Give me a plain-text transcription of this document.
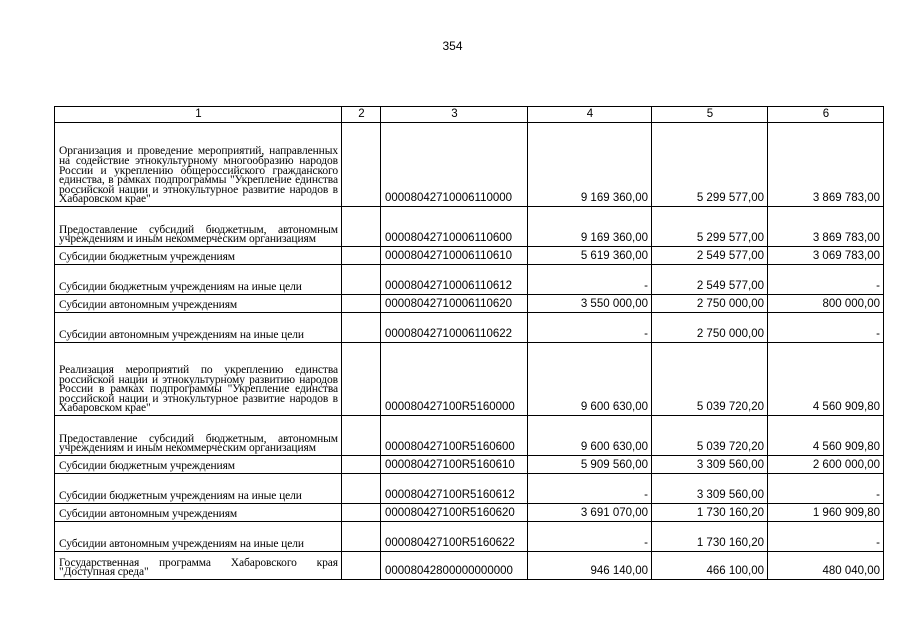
354
1	2	3	4	5	6
Организация и проведение мероприятий, направленных на содействие этнокультурному многообразию народов России и укреплению общероссийского гражданского единства, в рамках подпрограммы "Укрепление единства российской нации и этнокультурное развитие народов в Хабаровском крае"		00008042710006110000	9 169 360,00	5 299 577,00	3 869 783,00
Предоставление субсидий бюджетным, автономным учреждениям и иным некоммерческим организациям		00008042710006110600	9 169 360,00	5 299 577,00	3 869 783,00
Субсидии бюджетным учреждениям		00008042710006110610	5 619 360,00	2 549 577,00	3 069 783,00
Субсидии бюджетным учреждениям на иные цели		00008042710006110612	-	2 549 577,00	-
Субсидии автономным учреждениям		00008042710006110620	3 550 000,00	2 750 000,00	800 000,00
Субсидии автономным учреждениям на иные цели		00008042710006110622	-	2 750 000,00	-
Реализация мероприятий по укреплению единства российской нации и этнокультурному развитию народов России в рамках подпрограммы "Укрепление единства российской нации и этнокультурное развитие народов в Хабаровском крае"		000080427100R5160000	9 600 630,00	5 039 720,20	4 560 909,80
Предоставление субсидий бюджетным, автономным учреждениям и иным некоммерческим организациям		000080427100R5160600	9 600 630,00	5 039 720,20	4 560 909,80
Субсидии бюджетным учреждениям		000080427100R5160610	5 909 560,00	3 309 560,00	2 600 000,00
Субсидии бюджетным учреждениям на иные цели		000080427100R5160612	-	3 309 560,00	-
Субсидии автономным учреждениям		000080427100R5160620	3 691 070,00	1 730 160,20	1 960 909,80
Субсидии автономным учреждениям на иные цели		000080427100R5160622	-	1 730 160,20	-
Государственная программа Хабаровского края "Доступная среда"		00008042800000000000	946 140,00	466 100,00	480 040,00
